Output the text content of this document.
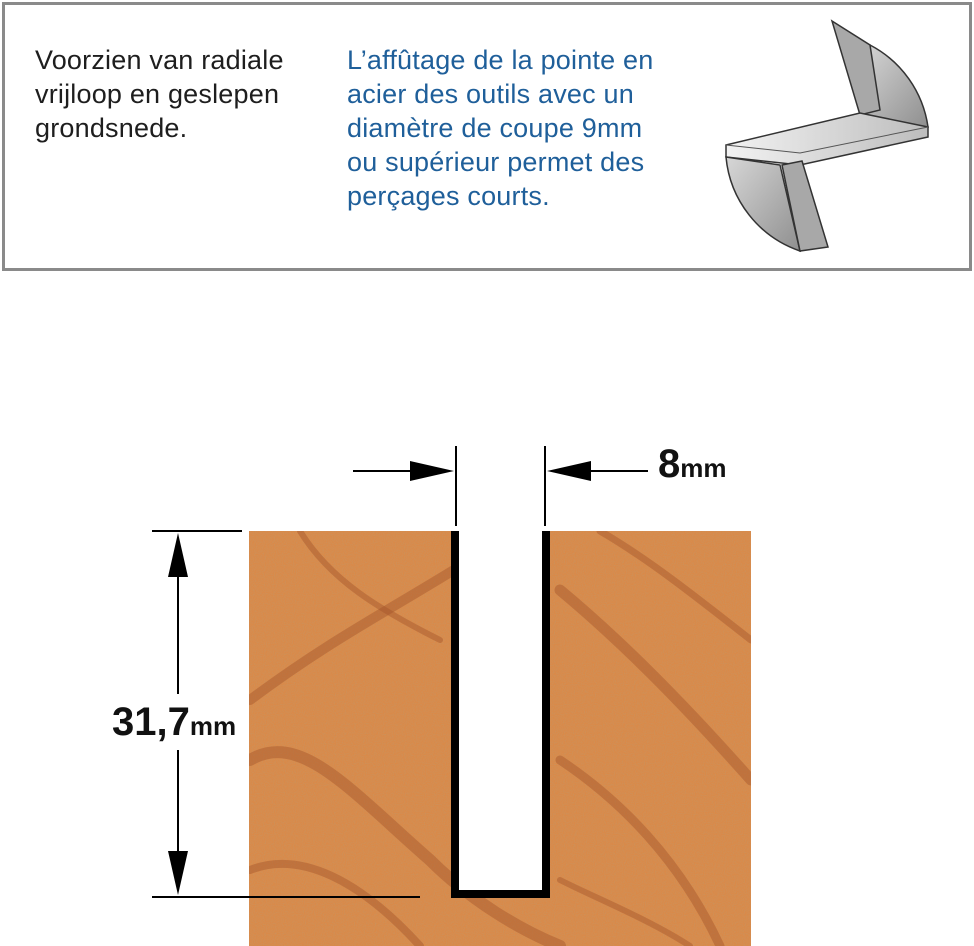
Voorzien van radiale
vrijloop en geslepen
grondsnede.
L’affûtage de la pointe en
acier des outils avec un
diamètre de coupe 9mm
ou supérieur permet des
perçages courts.
8mm
31,7mm
